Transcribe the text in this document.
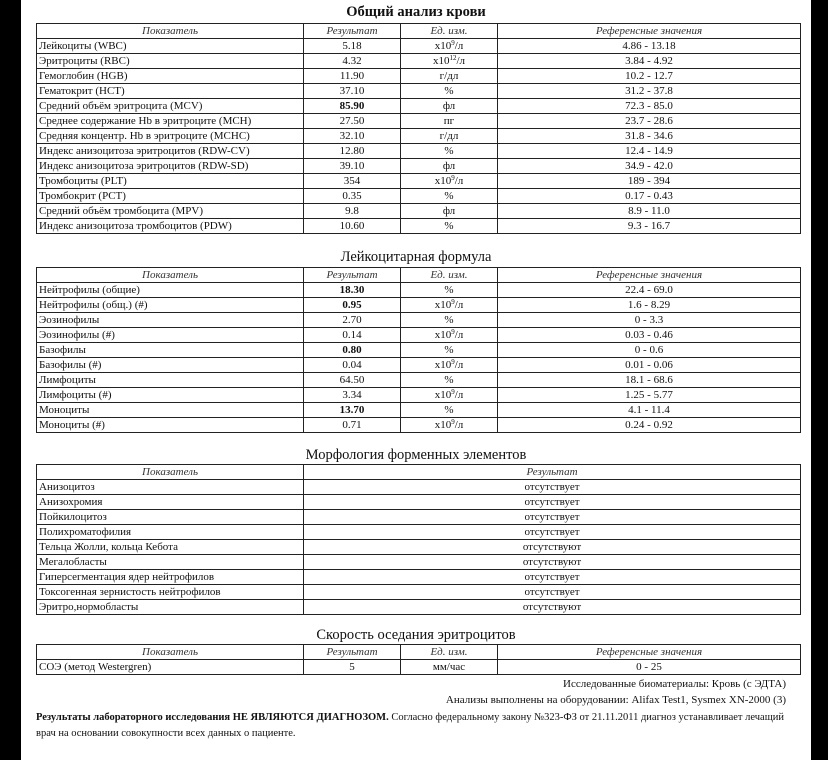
Общий анализ крови
Показатель	Результат	Ед. изм.	Референсные значения
Лейкоциты (WBC)	5.18	$x10^9/л$	4.86 - 13.18
Эритроциты (RBC)	4.32	$x10^{12}/л$	3.84 - 4.92
Гемоглобин (HGB)	11.90	г/дл	10.2 - 12.7
Гематокрит (HCT)	37.10	%	31.2 - 37.8
Средний объём эритроцита (MCV)	85.90	фл	72.3 - 85.0
Среднее содержание Hb в эритроците (MCH)	27.50	пг	23.7 - 28.6
Средняя концентр. Hb в эритроците (MCHC)	32.10	г/дл	31.8 - 34.6
Индекс анизоцитоза эритроцитов (RDW-CV)	12.80	%	12.4 - 14.9
Индекс анизоцитоза эритроцитов (RDW-SD)	39.10	фл	34.9 - 42.0
Тромбоциты (PLT)	354	$x10^9/л$	189 - 394
Тромбокрит (PCT)	0.35	%	0.17 - 0.43
Средний объём тромбоцита (MPV)	9.8	фл	8.9 - 11.0
Индекс анизоцитоза тромбоцитов (PDW)	10.60	%	9.3 - 16.7
Лейкоцитарная формула
Показатель	Результат	Ед. изм.	Референсные значения
Нейтрофилы (общие)	18.30	%	22.4 - 69.0
Нейтрофилы (общ.) (#)	0.95	$x10^9/л$	1.6 - 8.29
Эозинофилы	2.70	%	0 - 3.3
Эозинофилы (#)	0.14	$x10^9/л$	0.03 - 0.46
Базофилы	0.80	%	0 - 0.6
Базофилы (#)	0.04	$x10^9/л$	0.01 - 0.06
Лимфоциты	64.50	%	18.1 - 68.6
Лимфоциты (#)	3.34	$x10^9/л$	1.25 - 5.77
Моноциты	13.70	%	4.1 - 11.4
Моноциты (#)	0.71	$x10^9/л$	0.24 - 0.92
Морфология форменных элементов
Показатель	Результат
Анизоцитоз	отсутствует
Анизохромия	отсутствует
Пойкилоцитоз	отсутствует
Полихроматофилия	отсутствует
Тельца Жолли, кольца Кебота	отсутствуют
Мегалобласты	отсутствуют
Гиперсегментация ядер нейтрофилов	отсутствует
Токсогенная зернистость нейтрофилов	отсутствует
Эритро,нормобласты	отсутствуют
Скорость оседания эритроцитов
Показатель	Результат	Ед. изм.	Референсные значения
СОЭ (метод Westergren)	5	мм/час	0 - 25
Исследованные биоматериалы: Кровь (с ЭДТА)
Анализы выполнены на оборудовании: Alifax Test1, Sysmex XN-2000 (3)
Результаты лабораторного исследования НЕ ЯВЛЯЮТСЯ ДИАГНОЗОМ. Согласно федеральному закону №323-ФЗ от 21.11.2011 диагноз устанавливает лечащий врач на основании совокупности всех данных о пациенте.
